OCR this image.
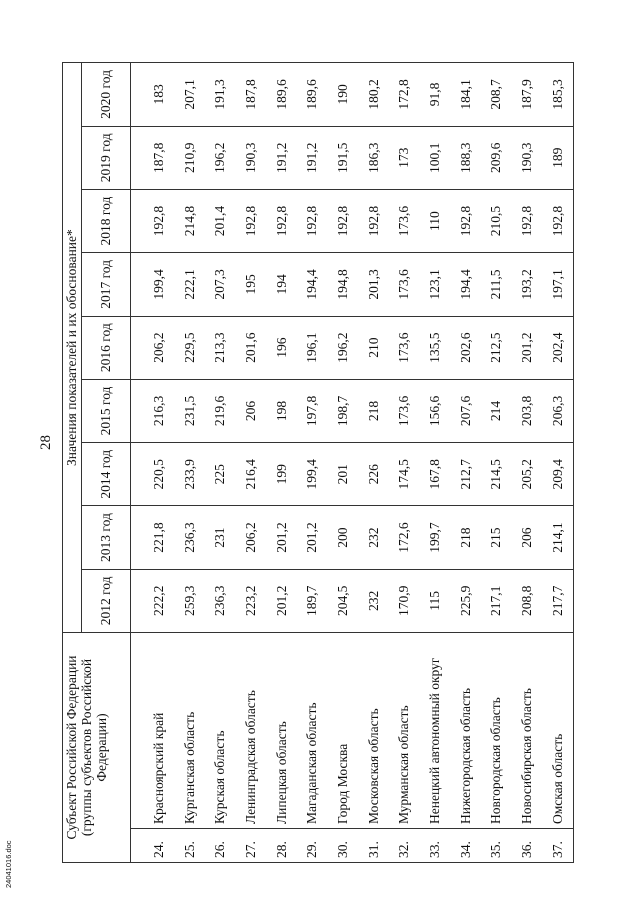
28
Субъект Российской Федерации (группы субъектов Российской Федерации)		Значения показателей и их обоснование*								
		2012 год	2013 год	2014 год	2015 год	2016 год	2017 год	2018 год	2019 год	2020 год

24.	Красноярский край	222,2	221,8	220,5	216,3	206,2	199,4	192,8	187,8	183
25.	Курганская область	259,3	236,3	233,9	231,5	229,5	222,1	214,8	210,9	207,1
26.	Курская область	236,3	231	225	219,6	213,3	207,3	201,4	196,2	191,3
27.	Ленинградская область	223,2	206,2	216,4	206	201,6	195	192,8	190,3	187,8
28.	Липецкая область	201,2	201,2	199	198	196	194	192,8	191,2	189,6
29.	Магаданская область	189,7	201,2	199,4	197,8	196,1	194,4	192,8	191,2	189,6
30.	Город Москва	204,5	200	201	198,7	196,2	194,8	192,8	191,5	190
31.	Московская область	232	232	226	218	210	201,3	192,8	186,3	180,2
32.	Мурманская область	170,9	172,6	174,5	173,6	173,6	173,6	173,6	173	172,8
33.	Ненецкий автономный округ	115	199,7	167,8	156,6	135,5	123,1	110	100,1	91,8
34.	Нижегородская область	225,9	218	212,7	207,6	202,6	194,4	192,8	188,3	184,1
35.	Новгородская область	217,1	215	214,5	214	212,5	211,5	210,5	209,6	208,7
36.	Новосибирская область	208,8	206	205,2	203,8	201,2	193,2	192,8	190,3	187,9
37.	Омская область	217,7	214,1	209,4	206,3	202,4	197,1	192,8	189	185,3
24041016.doc
